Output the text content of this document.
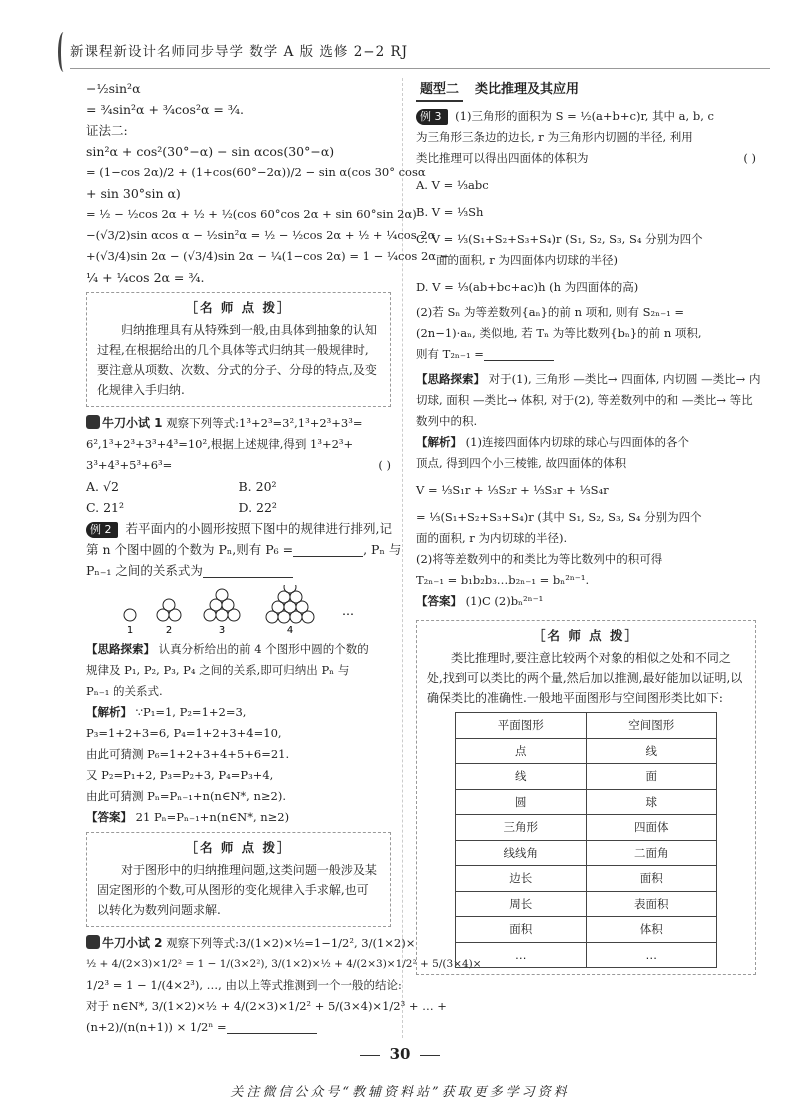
新课程新设计名师同步导学 数学 A 版 选修 2−2 RJ
−½sin²α
= ¾sin²α + ¾cos²α = ¾.
证法二:
sin²α + cos²(30°−α) − sin αcos(30°−α)
= (1−cos 2α)/2 + (1+cos(60°−2α))/2 − sin α(cos 30° cosα
+ sin 30°sin α)
= ½ − ½cos 2α + ½ + ½(cos 60°cos 2α + sin 60°sin 2α)
−(√3/2)sin αcos α − ½sin²α = ½ − ½cos 2α + ½ + ¼cos 2α
+(√3/4)sin 2α − (√3/4)sin 2α − ¼(1−cos 2α) = 1 − ¼cos 2α −
¼ + ¼cos 2α = ¾.
［名 师 点 拨］
归纳推理具有从特殊到一般,由具体到抽象的认知过程,在根据给出的几个具体等式归纳其一般规律时,要注意从项数、次数、分式的分子、分母的特点,及变化规律入手归纳.
牛刀小试 1 观察下列等式:1³+2³=3²,1³+2³+3³=
6²,1³+2³+3³+4³=10²,根据上述规律,得到 1³+2³+
3³+4³+5³+6³=	( )
A. √2	B. 20²
C. 21²	D. 22²
例 2 若平面内的小圆形按照下图中的规律进行排列,记
第 n 个图中圆的个数为 Pₙ,则有 P₆ =	, Pₙ 与
Pₙ₋₁ 之间的关系式为
1	2	3	4
…
【思路探索】 认真分析给出的前 4 个图形中圆的个数的
规律及 P₁, P₂, P₃, P₄ 之间的关系,即可归纳出 Pₙ 与
Pₙ₋₁ 的关系式.
【解析】 ∵P₁=1, P₂=1+2=3,
P₃=1+2+3=6, P₄=1+2+3+4=10,
由此可猜测 P₆=1+2+3+4+5+6=21.
又 P₂=P₁+2, P₃=P₂+3, P₄=P₃+4,
由此可猜测 Pₙ=Pₙ₋₁+n(n∈N*, n≥2).
【答案】 21 Pₙ=Pₙ₋₁+n(n∈N*, n≥2)
［名 师 点 拨］
对于图形中的归纳推理问题,这类问题一般涉及某固定图形的个数,可从图形的变化规律入手求解,也可以转化为数列问题求解.
牛刀小试 2 观察下列等式:3/(1×2)×½=1−1/2², 3/(1×2)×
½ + 4/(2×3)×1/2² = 1 − 1/(3×2²), 3/(1×2)×½ + 4/(2×3)×1/2² + 5/(3×4)×
1/2³ = 1 − 1/(4×2³), …, 由以上等式推测到一个一般的结论:
对于 n∈N*, 3/(1×2)×½ + 4/(2×3)×1/2² + 5/(3×4)×1/2³ + … +
(n+2)/(n(n+1)) × 1/2ⁿ =
题型二 类比推理及其应用
例 3 (1)三角形的面积为 S = ½(a+b+c)r, 其中 a, b, c
为三角形三条边的边长, r 为三角形内切圆的半径, 利用
类比推理可以得出四面体的体积为	( )
A. V = ⅓abc
B. V = ⅓Sh
C. V = ⅓(S₁+S₂+S₃+S₄)r (S₁, S₂, S₃, S₄ 分别为四个
面的面积, r 为四面体内切球的半径)
D. V = ⅓(ab+bc+ac)h (h 为四面体的高)
(2)若 Sₙ 为等差数列{aₙ}的前 n 项和, 则有 S₂ₙ₋₁ =
(2n−1)·aₙ, 类似地, 若 Tₙ 为等比数列{bₙ}的前 n 项积,
则有 T₂ₙ₋₁ =
【思路探索】 对于(1), 三角形 —类比→ 四面体, 内切圆 —类比→ 内
切球, 面积 —类比→ 体积, 对于(2), 等差数列中的和 —类比→ 等比
数列中的积.
【解析】 (1)连接四面体内切球的球心与四面体的各个
顶点, 得到四个小三棱锥, 故四面体的体积
V = ⅓S₁r + ⅓S₂r + ⅓S₃r + ⅓S₄r
= ⅓(S₁+S₂+S₃+S₄)r (其中 S₁, S₂, S₃, S₄ 分别为四个
面的面积, r 为内切球的半径).
(2)将等差数列中的和类比为等比数列中的积可得
T₂ₙ₋₁ = b₁b₂b₃…b₂ₙ₋₁ = bₙ²ⁿ⁻¹.
【答案】 (1)C (2)bₙ²ⁿ⁻¹
［名 师 点 拨］
类比推理时,要注意比较两个对象的相似之处和不同之处,找到可以类比的两个量,然后加以推测,最好能加以证明,以确保类比的准确性.一般地平面图形与空间图形类比如下:
平面图形	空间图形
点	线
线	面
圆	球
三角形	四面体
线线角	二面角
边长	面积
周长	表面积
面积	体积
…	…
30
关注微信公众号“教辅资料站”获取更多学习资料
